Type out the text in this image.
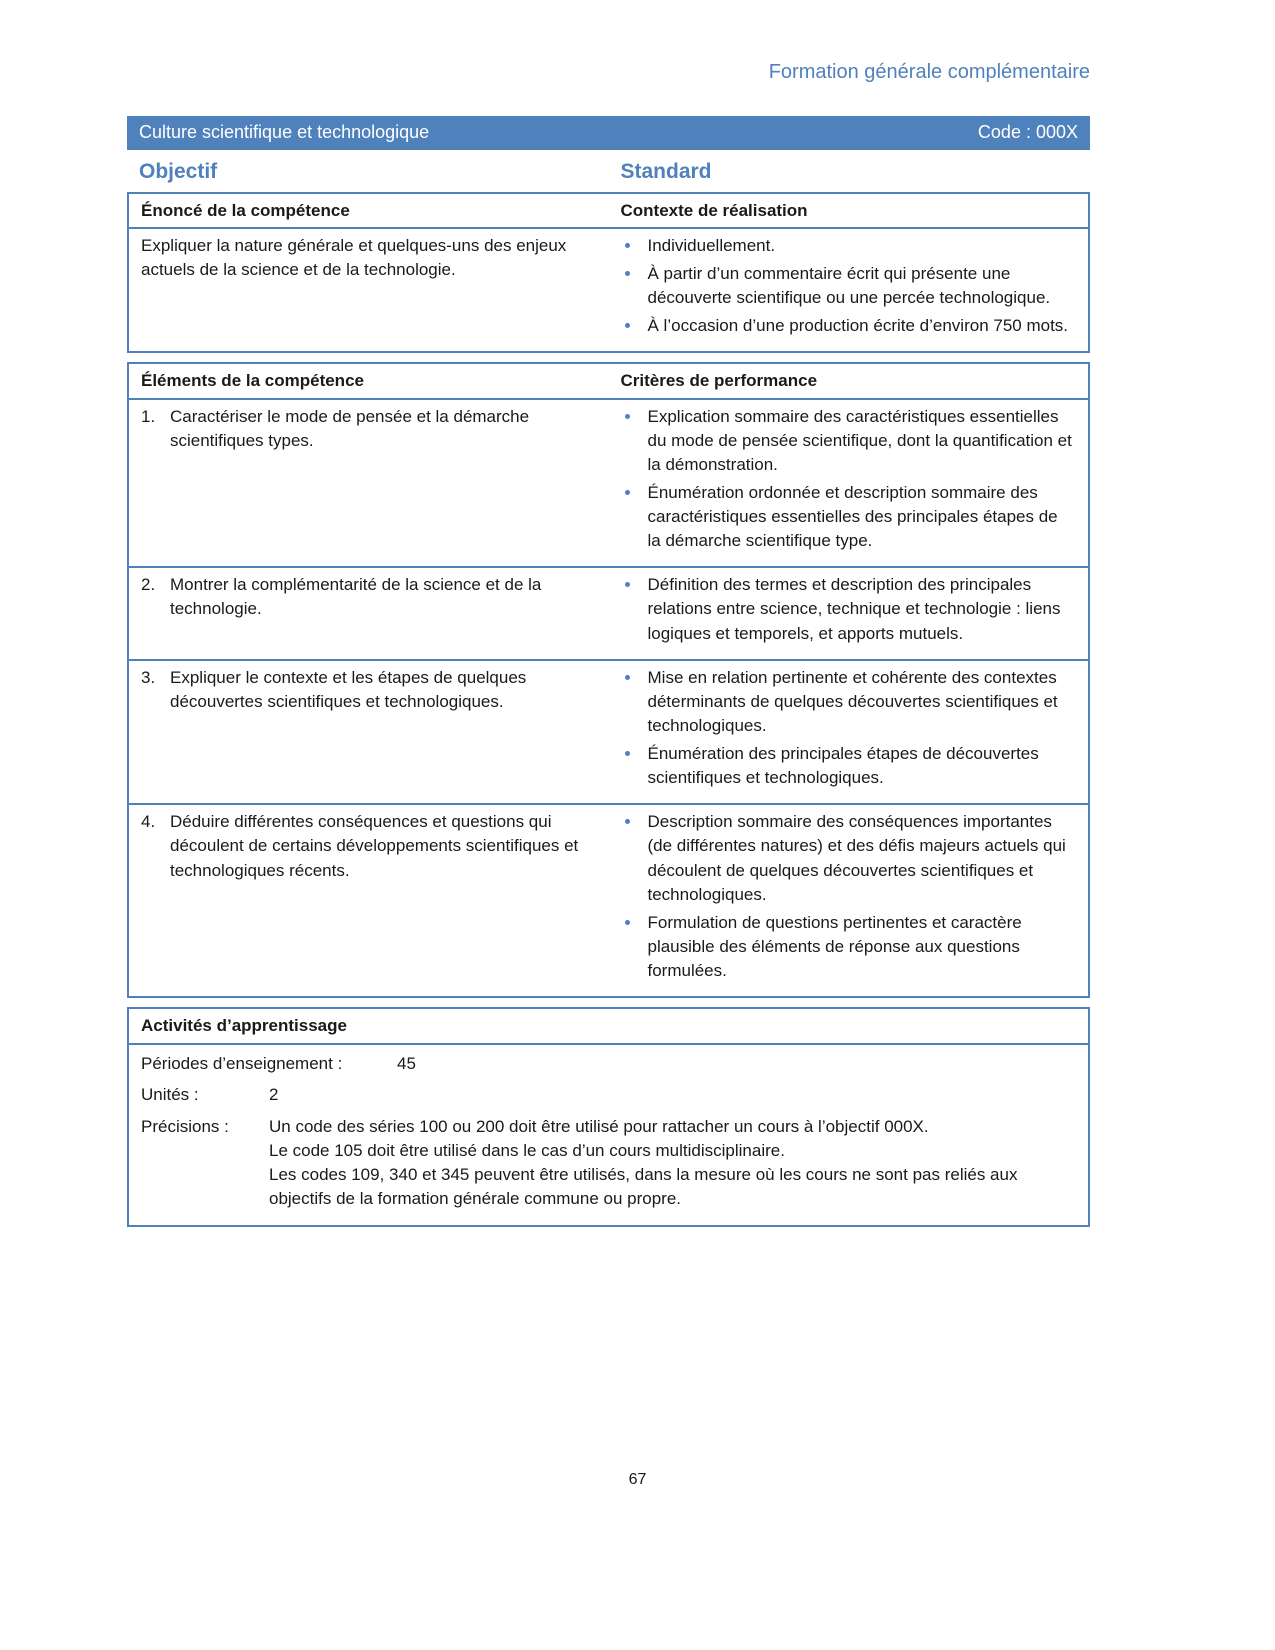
Formation générale complémentaire
Culture scientifique et technologique	Code : 000X
Objectif	Standard
Énoncé de la compétence	Contexte de réalisation
Expliquer la nature générale et quelques-uns des enjeux actuels de la science et de la technologie.
• Individuellement.
• À partir d’un commentaire écrit qui présente une découverte scientifique ou une percée technologique.
• À l’occasion d’une production écrite d’environ 750 mots.
Éléments de la compétence	Critères de performance
1. Caractériser le mode de pensée et la démarche scientifiques types.
• Explication sommaire des caractéristiques essentielles du mode de pensée scientifique, dont la quantification et la démonstration.
• Énumération ordonnée et description sommaire des caractéristiques essentielles des principales étapes de la démarche scientifique type.
2. Montrer la complémentarité de la science et de la technologie.
• Définition des termes et description des principales relations entre science, technique et technologie : liens logiques et temporels, et apports mutuels.
3. Expliquer le contexte et les étapes de quelques découvertes scientifiques et technologiques.
• Mise en relation pertinente et cohérente des contextes déterminants de quelques découvertes scientifiques et technologiques.
• Énumération des principales étapes de découvertes scientifiques et technologiques.
4. Déduire différentes conséquences et questions qui découlent de certains développements scientifiques et technologiques récents.
• Description sommaire des conséquences importantes (de différentes natures) et des défis majeurs actuels qui découlent de quelques découvertes scientifiques et technologiques.
• Formulation de questions pertinentes et caractère plausible des éléments de réponse aux questions formulées.
Activités d’apprentissage
Périodes d’enseignement :	45
Unités :	2
Précisions :	Un code des séries 100 ou 200 doit être utilisé pour rattacher un cours à l’objectif 000X.
Le code 105 doit être utilisé dans le cas d’un cours multidisciplinaire.
Les codes 109, 340 et 345 peuvent être utilisés, dans la mesure où les cours ne sont pas reliés aux objectifs de la formation générale commune ou propre.
67
